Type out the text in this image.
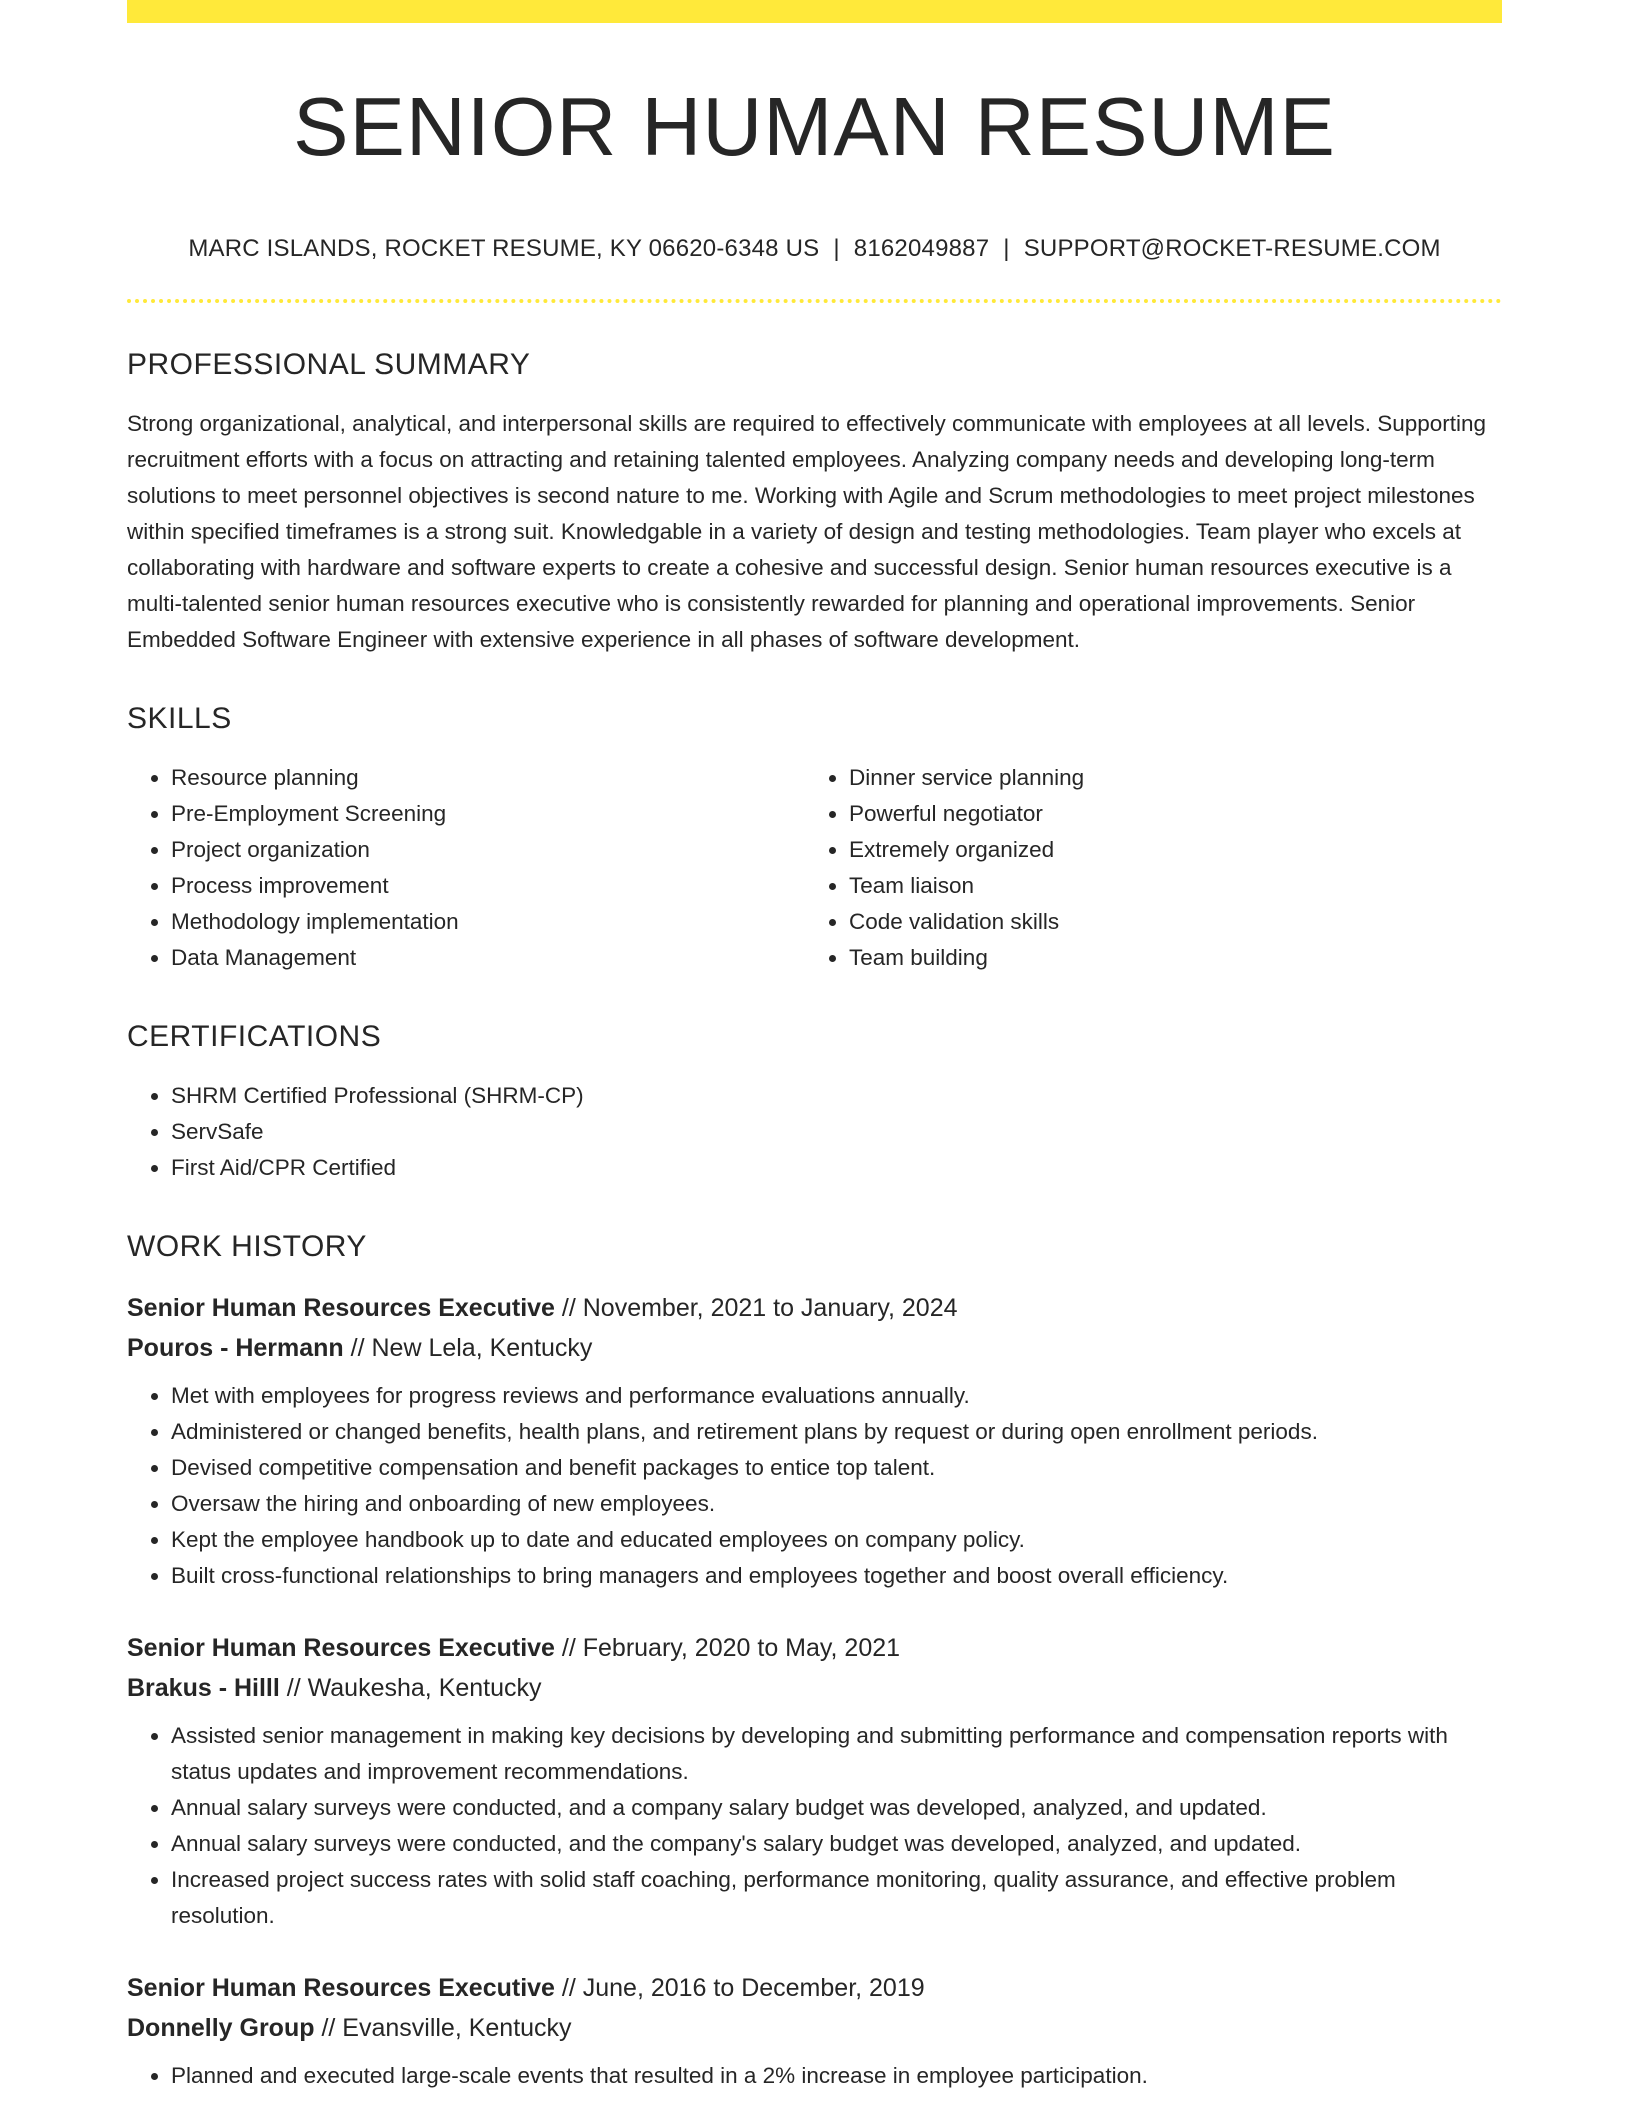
SENIOR HUMAN RESUME
MARC ISLANDS, ROCKET RESUME, KY 06620-6348 US | 8162049887 | SUPPORT@ROCKET-RESUME.COM
PROFESSIONAL SUMMARY

Strong organizational, analytical, and interpersonal skills are required to effectively communicate with employees at all levels. Supporting recruitment efforts with a focus on attracting and retaining talented employees. Analyzing company needs and developing long-term solutions to meet personnel objectives is second nature to me. Working with Agile and Scrum methodologies to meet project milestones within specified timeframes is a strong suit. Knowledgable in a variety of design and testing methodologies. Team player who excels at collaborating with hardware and software experts to create a cohesive and successful design. Senior human resources executive is a multi-talented senior human resources executive who is consistently rewarded for planning and operational improvements. Senior Embedded Software Engineer with extensive experience in all phases of software development.

SKILLS
• Resource planning
• Pre-Employment Screening
• Project organization
• Process improvement
• Methodology implementation
• Data Management
• Dinner service planning
• Powerful negotiator
• Extremely organized
• Team liaison
• Code validation skills
• Team building
CERTIFICATIONS
• SHRM Certified Professional (SHRM-CP)
• ServSafe
• First Aid/CPR Certified
WORK HISTORY
Senior Human Resources Executive // November, 2021 to January, 2024
Pouros - Hermann // New Lela, Kentucky
• Met with employees for progress reviews and performance evaluations annually.
• Administered or changed benefits, health plans, and retirement plans by request or during open enrollment periods.
• Devised competitive compensation and benefit packages to entice top talent.
• Oversaw the hiring and onboarding of new employees.
• Kept the employee handbook up to date and educated employees on company policy.
• Built cross-functional relationships to bring managers and employees together and boost overall efficiency.
Senior Human Resources Executive // February, 2020 to May, 2021
Brakus - Hilll // Waukesha, Kentucky
• Assisted senior management in making key decisions by developing and submitting performance and compensation reports with status updates and improvement recommendations.
• Annual salary surveys were conducted, and a company salary budget was developed, analyzed, and updated.
• Annual salary surveys were conducted, and the company's salary budget was developed, analyzed, and updated.
• Increased project success rates with solid staff coaching, performance monitoring, quality assurance, and effective problem resolution.
Senior Human Resources Executive // June, 2016 to December, 2019
Donnelly Group // Evansville, Kentucky
• Planned and executed large-scale events that resulted in a 2% increase in employee participation.
